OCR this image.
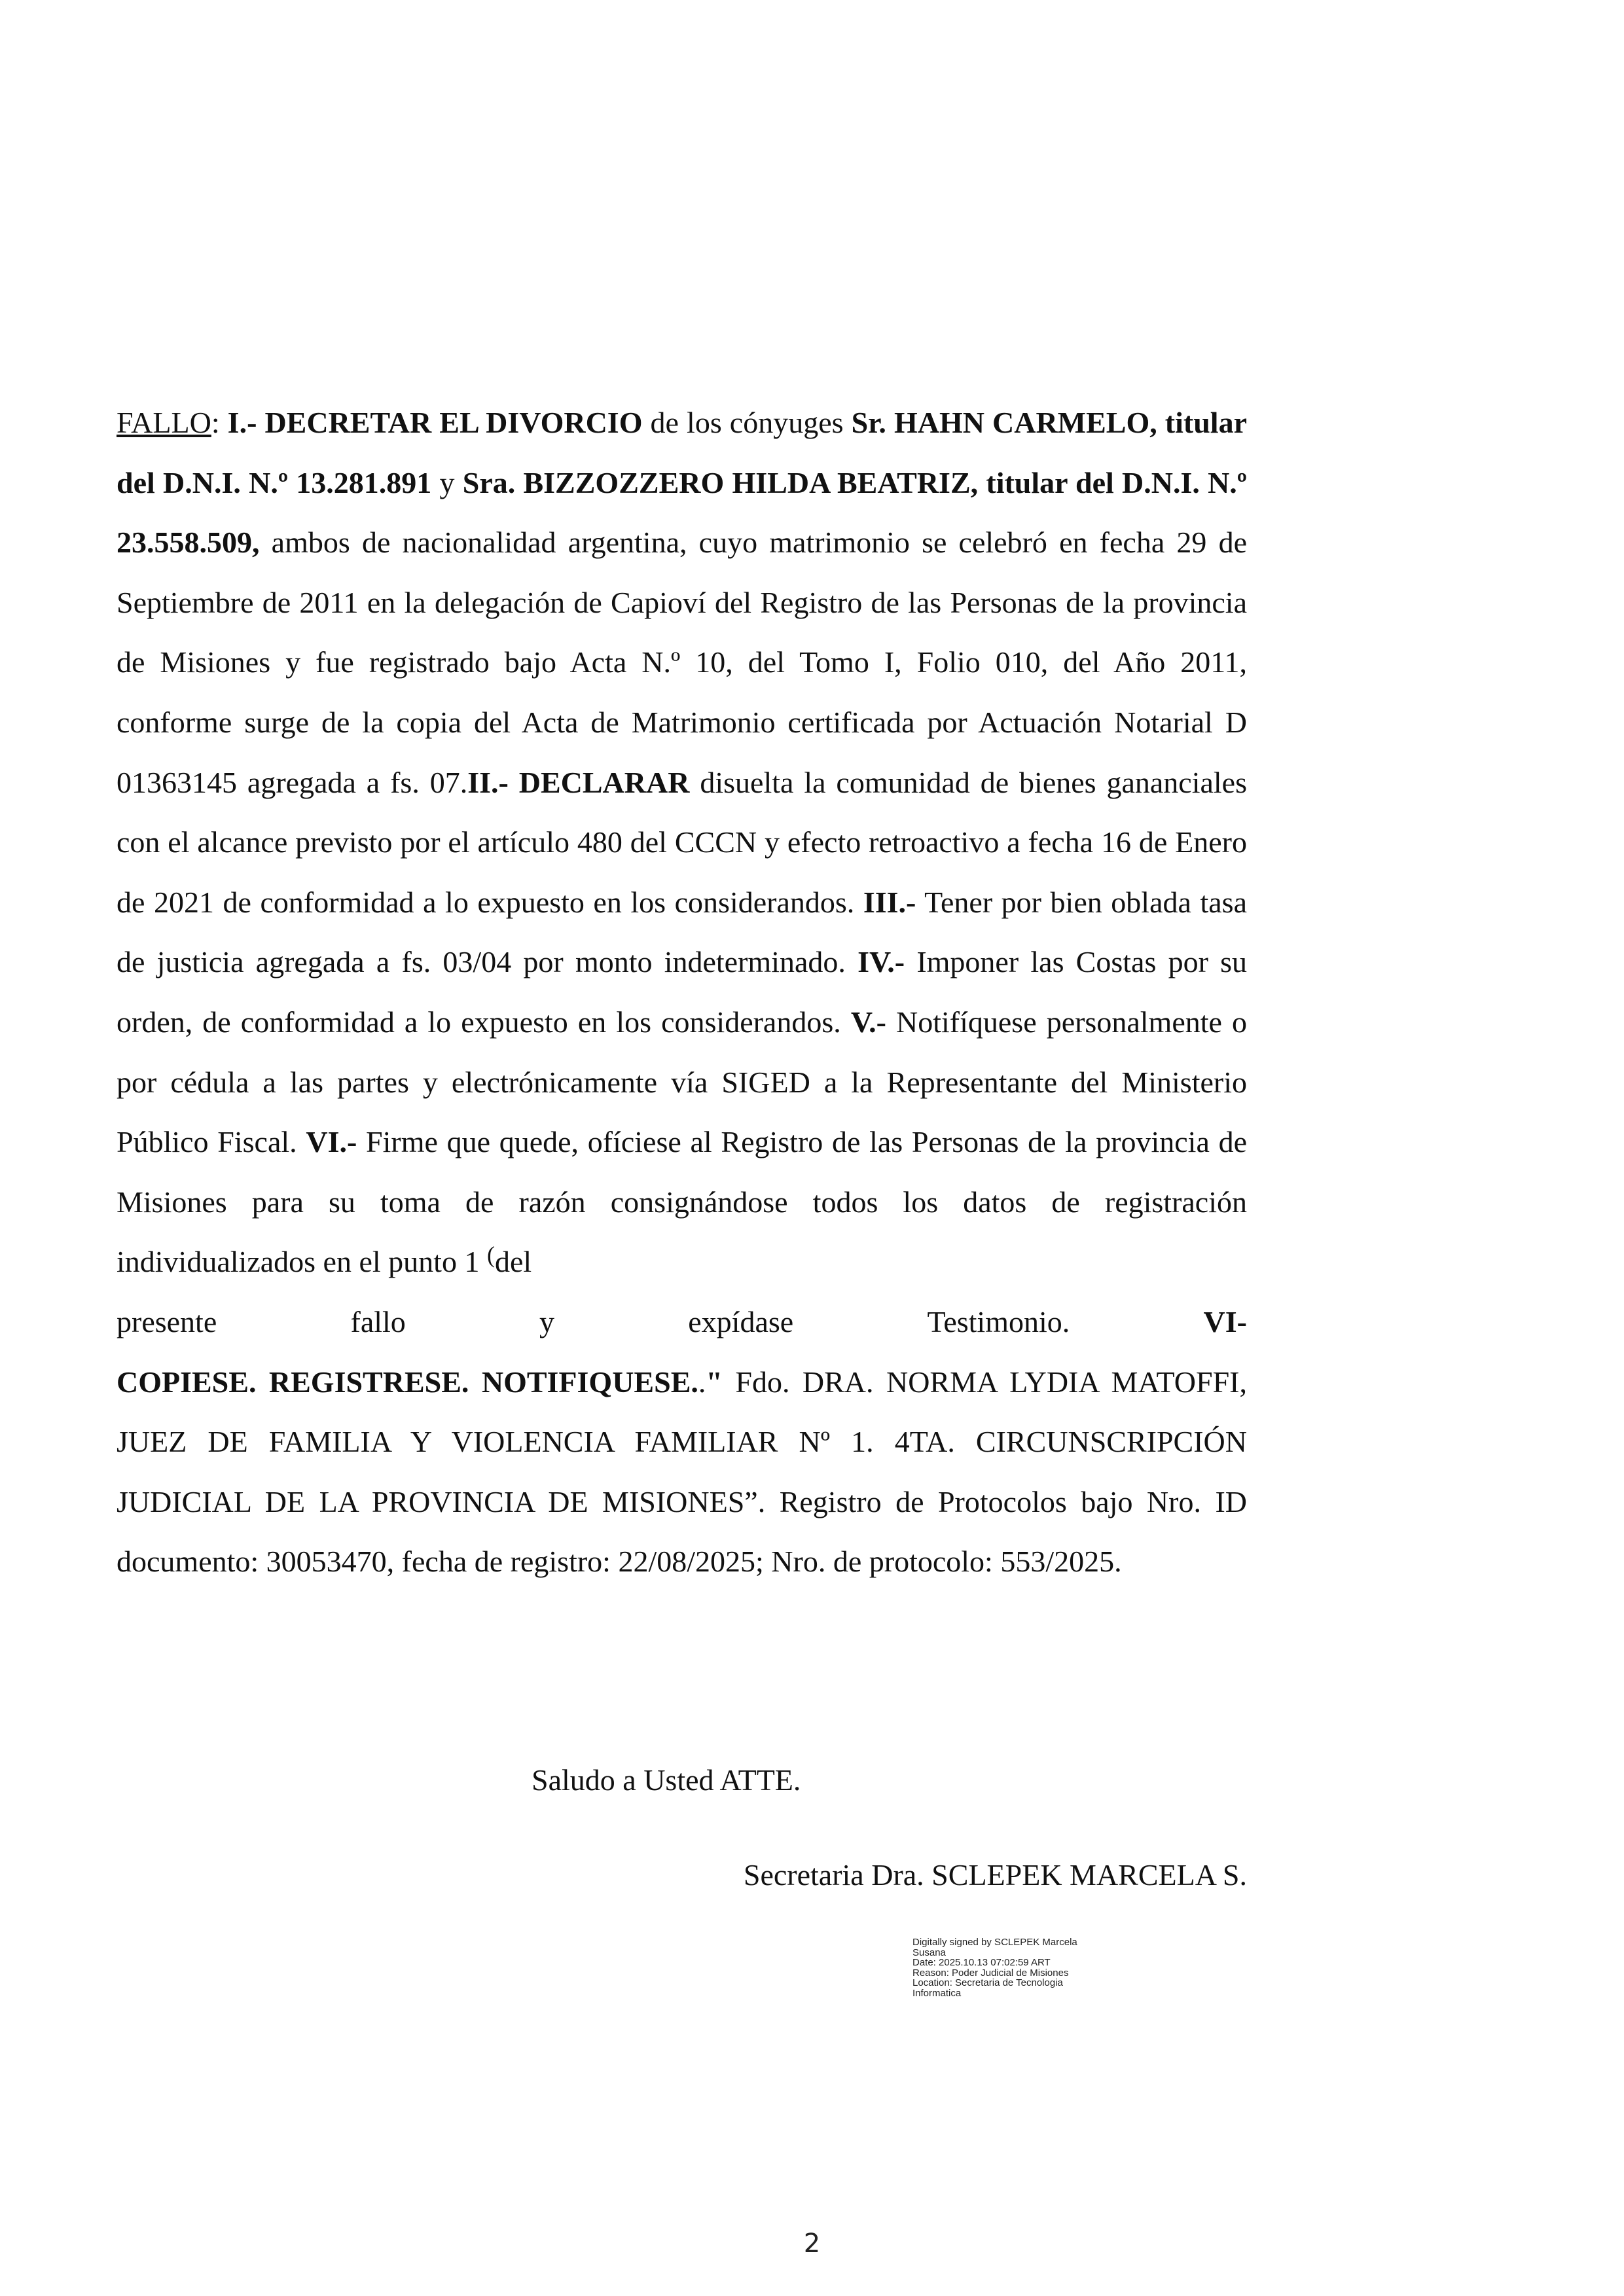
FALLO: I.- DECRETAR EL DIVORCIO de los cónyuges Sr. HAHN CARMELO, titular del D.N.I. N.º 13.281.891 y Sra. BIZZOZZERO HILDA BEATRIZ, titular del D.N.I. N.º 23.558.509, ambos de nacionalidad argentina, cuyo matrimonio se celebró en fecha 29 de Septiembre de 2011 en la delegación de Capioví del Registro de las Personas de la provincia de Misiones y fue registrado bajo Acta N.º 10, del Tomo I, Folio 010, del Año 2011, conforme surge de la copia del Acta de Matrimonio certificada por Actuación Notarial D 01363145 agregada a fs. 07.II.- DECLARAR disuelta la comunidad de bienes gananciales con el alcance previsto por el artículo 480 del CCCN y efecto retroactivo a fecha 16 de Enero de 2021 de conformidad a lo expuesto en los considerandos. III.- Tener por bien oblada tasa de justicia agregada a fs. 03/04 por monto indeterminado. IV.- Imponer las Costas por su orden, de conformidad a lo expuesto en los considerandos. V.- Notifíquese personalmente o por cédula a las partes y electrónicamente vía SIGED a la Representante del Ministerio Público Fiscal. VI.- Firme que quede, ofíciese al Registro de las Personas de la provincia de Misiones para su toma de razón consignándose todos los datos de registración individualizados en el punto 1 (del
presente	fallo	y	expídase	Testimonio.	VI-
COPIESE. REGISTRESE. NOTIFIQUESE.." Fdo. DRA. NORMA LYDIA MATOFFI, JUEZ DE FAMILIA Y VIOLENCIA FAMILIAR Nº 1. 4TA. CIRCUNSCRIPCIÓN JUDICIAL DE LA PROVINCIA DE MISIONES”. Registro de Protocolos bajo Nro. ID documento: 30053470, fecha de registro: 22/08/2025; Nro. de protocolo: 553/2025.

Saludo a Usted ATTE.

Secretaria Dra. SCLEPEK MARCELA S.

Digitally signed by SCLEPEK Marcela
Susana
Date: 2025.10.13 07:02:59 ART
Reason: Poder Judicial de Misiones
Location: Secretaria de Tecnologia
Informatica

2
